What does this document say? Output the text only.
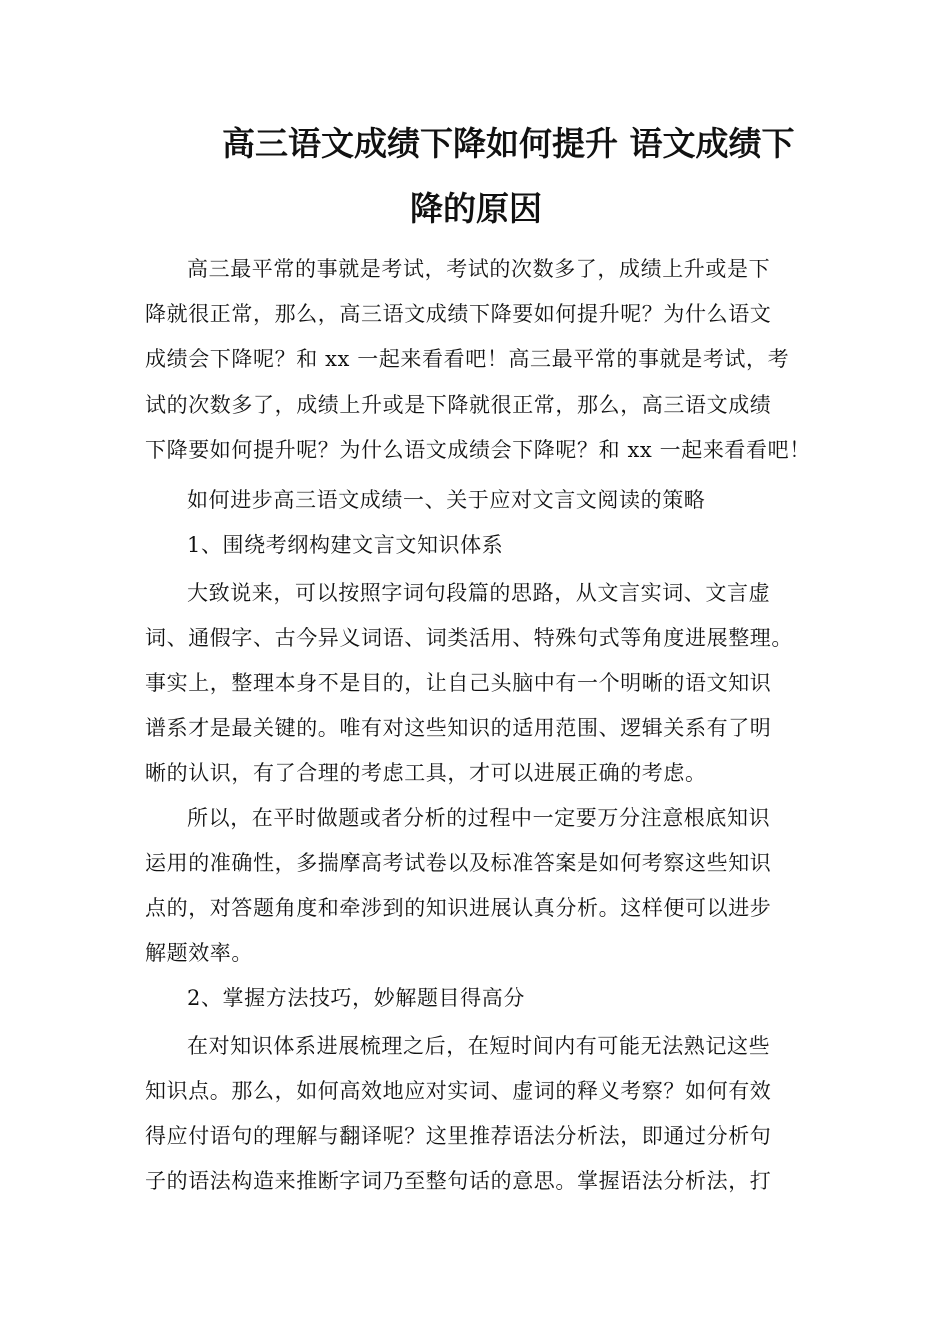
高三语文成绩下降如何提升 语文成绩下
降的原因
高三最平常的事就是考试，考试的次数多了，成绩上升或是下
降就很正常，那么，高三语文成绩下降要如何提升呢？为什么语文
成绩会下降呢？和 xx 一起来看看吧！高三最平常的事就是考试，考
试的次数多了，成绩上升或是下降就很正常，那么，高三语文成绩
下降要如何提升呢？为什么语文成绩会下降呢？和 xx 一起来看看吧！
如何进步高三语文成绩一、关于应对文言文阅读的策略
1、围绕考纲构建文言文知识体系
大致说来，可以按照字词句段篇的思路，从文言实词、文言虚
词、通假字、古今异义词语、词类活用、特殊句式等角度进展整理。
事实上，整理本身不是目的，让自己头脑中有一个明晰的语文知识
谱系才是最关键的。唯有对这些知识的适用范围、逻辑关系有了明
晰的认识，有了合理的考虑工具，才可以进展正确的考虑。
所以，在平时做题或者分析的过程中一定要万分注意根底知识
运用的准确性，多揣摩高考试卷以及标准答案是如何考察这些知识
点的，对答题角度和牵涉到的知识进展认真分析。这样便可以进步
解题效率。
2、掌握方法技巧，妙解题目得高分
在对知识体系进展梳理之后，在短时间内有可能无法熟记这些
知识点。那么，如何高效地应对实词、虚词的释义考察？如何有效
得应付语句的理解与翻译呢？这里推荐语法分析法，即通过分析句
子的语法构造来推断字词乃至整句话的意思。掌握语法分析法，打
